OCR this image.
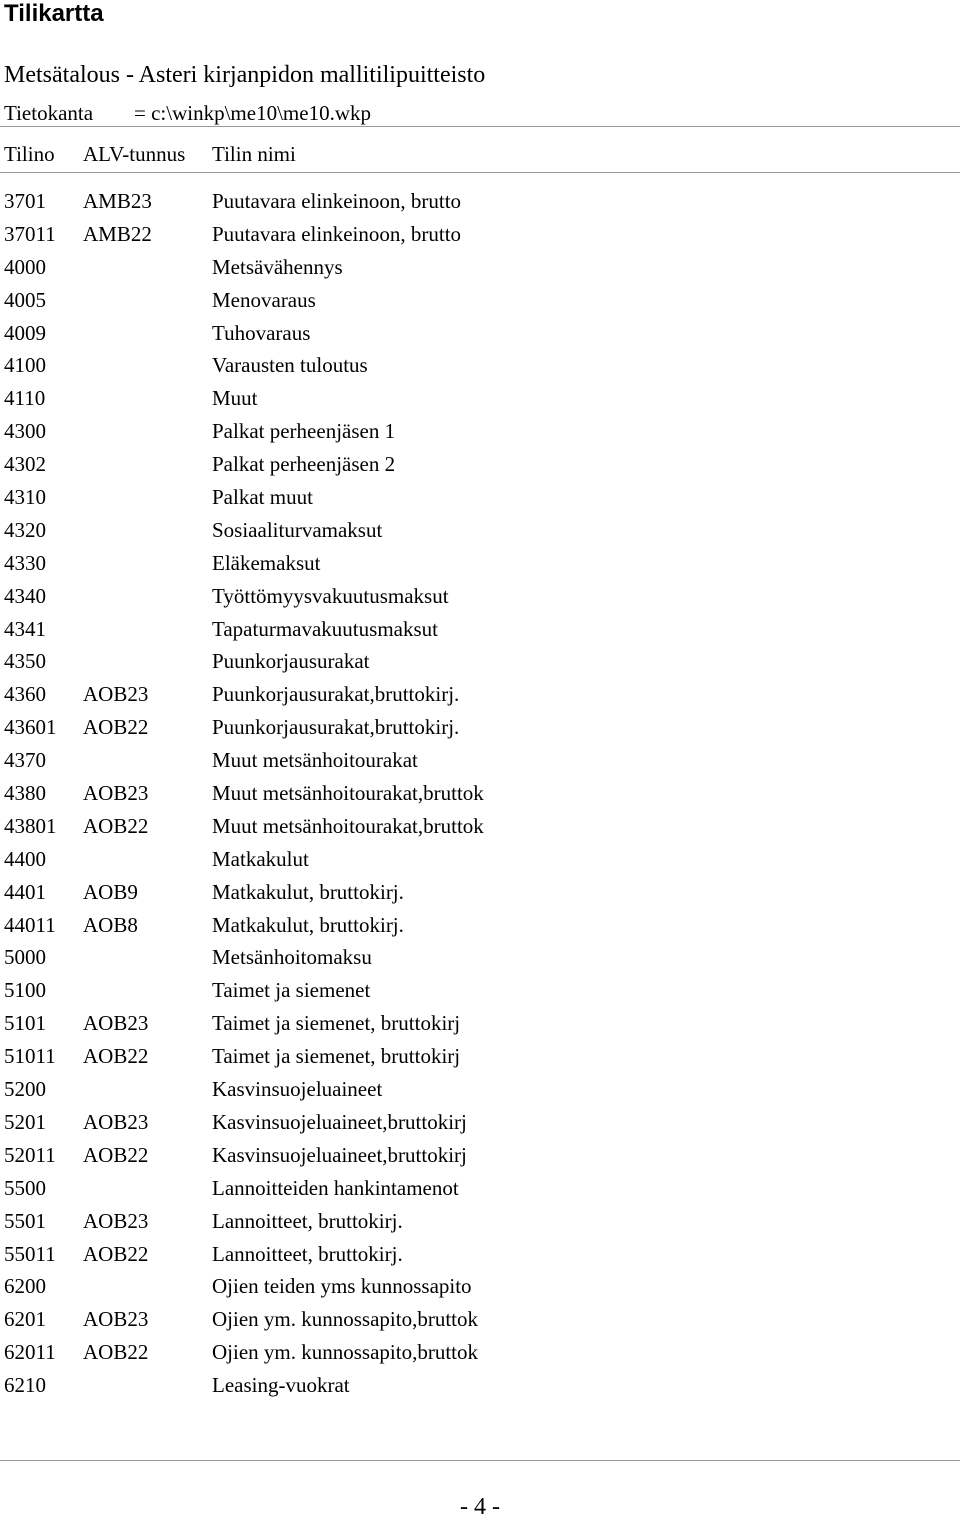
Tilikartta
Metsätalous - Asteri kirjanpidon mallitilipuitteisto
Tietokanta = c:\winkp\me10\me10.wkp
Tilino ALV-tunnus Tilin nimi
3701 AMB23	Puutavara elinkeinoon, brutto
37011 AMB22	Puutavara elinkeinoon, brutto
4000	Metsävähennys
4005	Menovaraus
4009	Tuhovaraus
4100	Varausten tuloutus
4110	Muut
4300	Palkat perheenjäsen 1
4302	Palkat perheenjäsen 2
4310	Palkat muut
4320	Sosiaaliturvamaksut
4330	Eläkemaksut
4340	Työttömyysvakuutusmaksut
4341	Tapaturmavakuutusmaksut
4350	Puunkorjausurakat
4360 AOB23	Puunkorjausurakat,bruttokirj.
43601 AOB22	Puunkorjausurakat,bruttokirj.
4370	Muut metsänhoitourakat
4380 AOB23	Muut metsänhoitourakat,bruttok
43801 AOB22	Muut metsänhoitourakat,bruttok
4400	Matkakulut
4401 AOB9	Matkakulut, bruttokirj.
44011 AOB8	Matkakulut, bruttokirj.
5000	Metsänhoitomaksu
5100	Taimet ja siemenet
5101 AOB23	Taimet ja siemenet, bruttokirj
51011 AOB22	Taimet ja siemenet, bruttokirj
5200	Kasvinsuojeluaineet
5201 AOB23	Kasvinsuojeluaineet,bruttokirj
52011 AOB22	Kasvinsuojeluaineet,bruttokirj
5500	Lannoitteiden hankintamenot
5501 AOB23	Lannoitteet, bruttokirj.
55011 AOB22	Lannoitteet, bruttokirj.
6200	Ojien teiden yms kunnossapito
6201 AOB23	Ojien ym. kunnossapito,bruttok
62011 AOB22	Ojien ym. kunnossapito,bruttok
6210	Leasing-vuokrat
- 4 -
